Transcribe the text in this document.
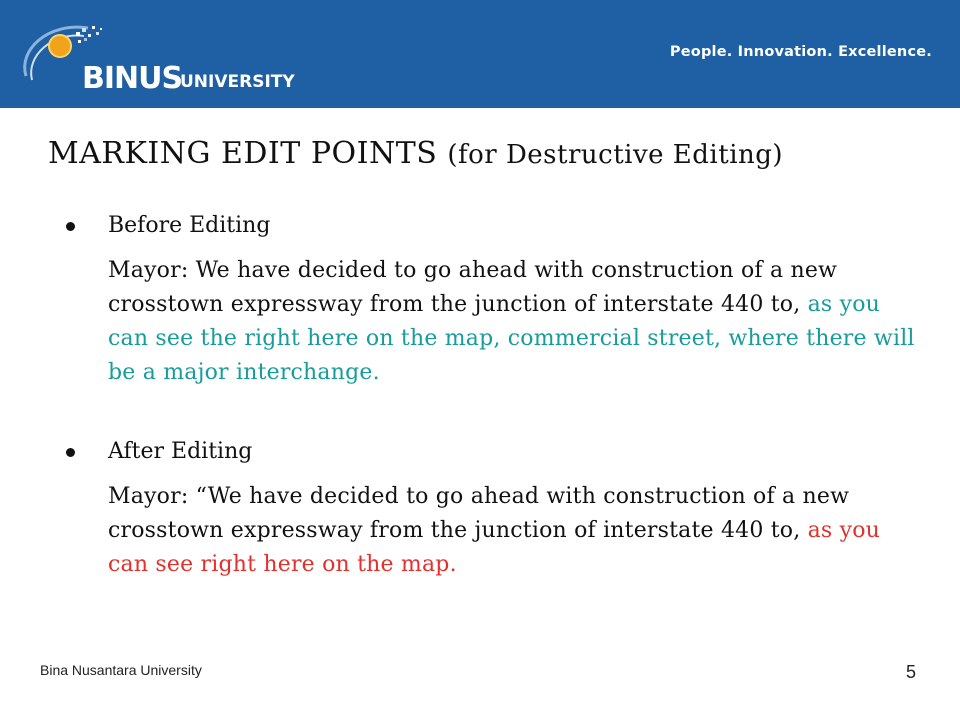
BINUS
UNIVERSITY
People. Innovation. Excellence.
MARKING EDIT POINTS (for Destructive Editing)
Before Editing
Mayor: We have decided to go ahead with construction of a new crosstown expressway from the junction of interstate 440 to, as you can see the right here on the map, commercial street, where there will be a major interchange.
After Editing
Mayor: “We have decided to go ahead with construction of a new crosstown expressway from the junction of interstate 440 to, as you can see right here on the map.
Bina Nusantara University	5
